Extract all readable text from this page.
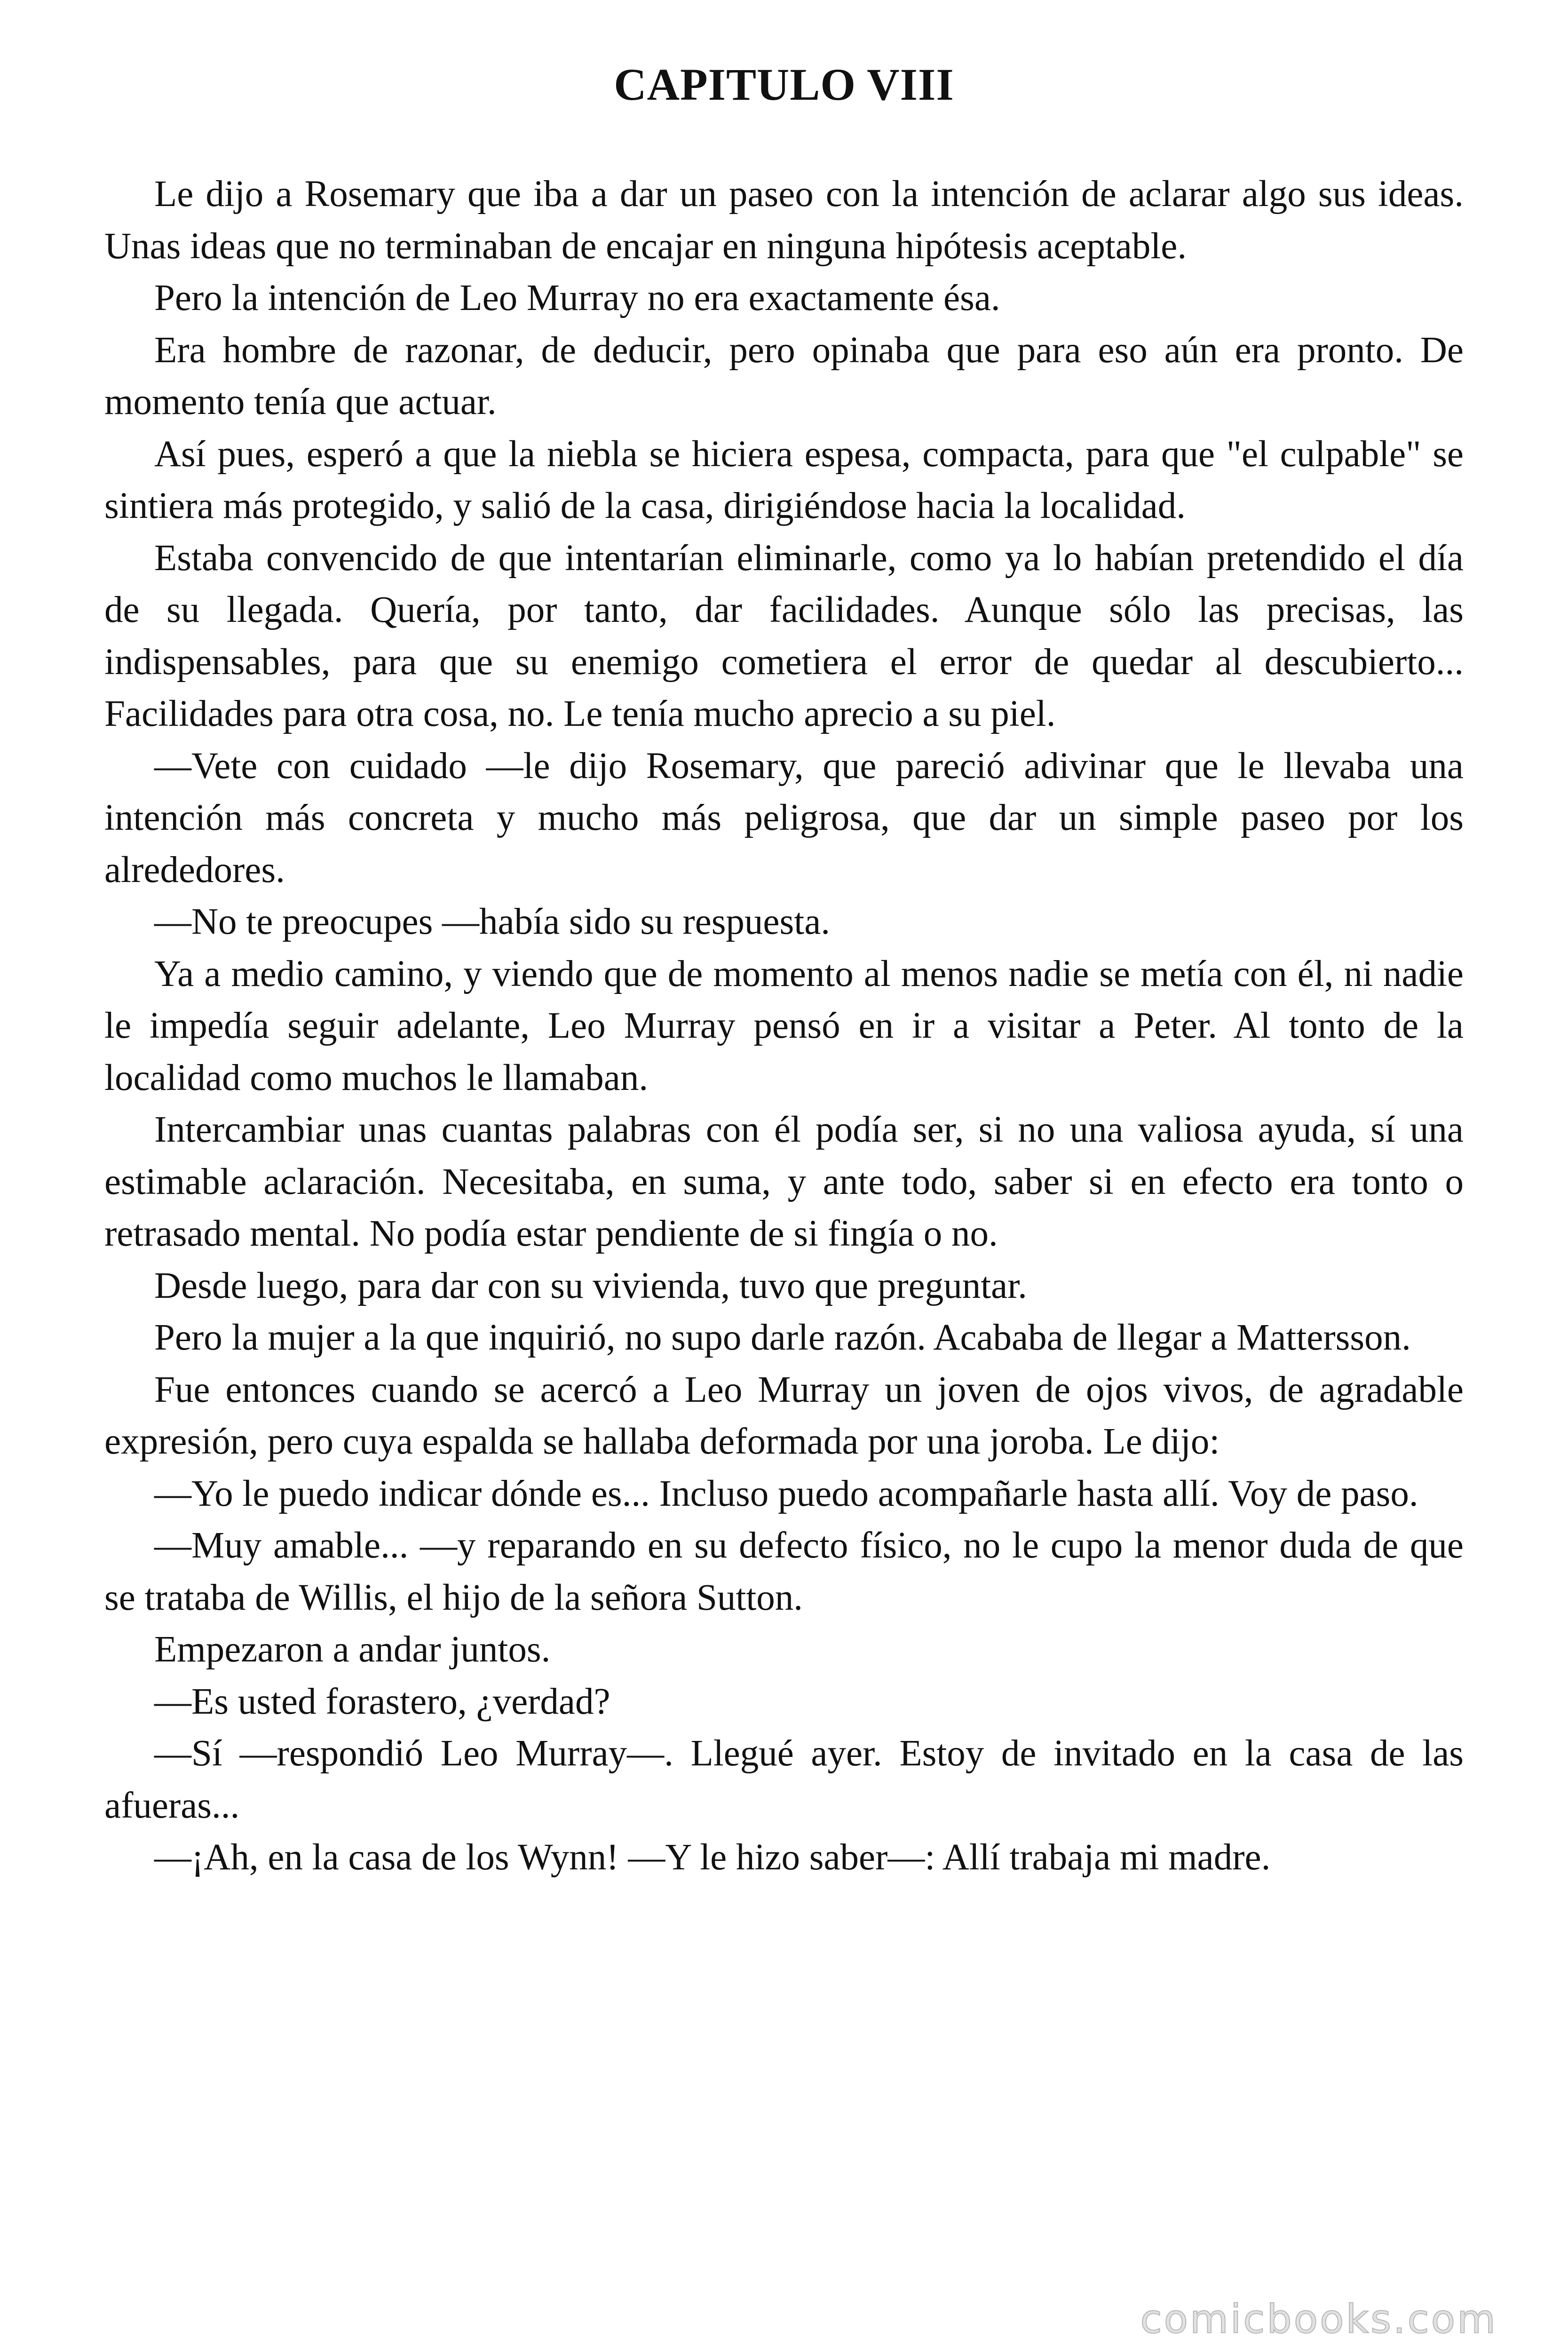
CAPITULO VIII

Le dijo a Rosemary que iba a dar un paseo con la intención de aclarar algo sus ideas. Unas ideas que no terminaban de encajar en ninguna hipótesis aceptable.

Pero la intención de Leo Murray no era exactamente ésa.

Era hombre de razonar, de deducir, pero opinaba que para eso aún era pronto. De momento tenía que actuar.

Así pues, esperó a que la niebla se hiciera espesa, compacta, para que "el culpable" se sintiera más protegido, y salió de la casa, dirigiéndose hacia la localidad.

Estaba convencido de que intentarían eliminarle, como ya lo habían pretendido el día de su llegada. Quería, por tanto, dar facilidades. Aunque sólo las precisas, las indispensables, para que su enemigo cometiera el error de quedar al descubierto... Facilidades para otra cosa, no. Le tenía mucho aprecio a su piel.

—Vete con cuidado —le dijo Rosemary, que pareció adivinar que le llevaba una intención más concreta y mucho más peligrosa, que dar un simple paseo por los alrededores.

—No te preocupes —había sido su respuesta.

Ya a medio camino, y viendo que de momento al menos nadie se metía con él, ni nadie le impedía seguir adelante, Leo Murray pensó en ir a visitar a Peter. Al tonto de la localidad como muchos le llamaban.

Intercambiar unas cuantas palabras con él podía ser, si no una valiosa ayuda, sí una estimable aclaración. Necesitaba, en suma, y ante todo, saber si en efecto era tonto o retrasado mental. No podía estar pendiente de si fingía o no.

Desde luego, para dar con su vivienda, tuvo que preguntar.

Pero la mujer a la que inquirió, no supo darle razón. Acababa de llegar a Mattersson.

Fue entonces cuando se acercó a Leo Murray un joven de ojos vivos, de agradable expresión, pero cuya espalda se hallaba deformada por una joroba. Le dijo:

—Yo le puedo indicar dónde es... Incluso puedo acompañarle hasta allí. Voy de paso.

—Muy amable... —y reparando en su defecto físico, no le cupo la menor duda de que se trataba de Willis, el hijo de la señora Sutton.

Empezaron a andar juntos.

—Es usted forastero, ¿verdad?

—Sí —respondió Leo Murray—. Llegué ayer. Estoy de invitado en la casa de las afueras...

—¡Ah, en la casa de los Wynn! —Y le hizo saber—: Allí trabaja mi madre.

comicbooks.com
